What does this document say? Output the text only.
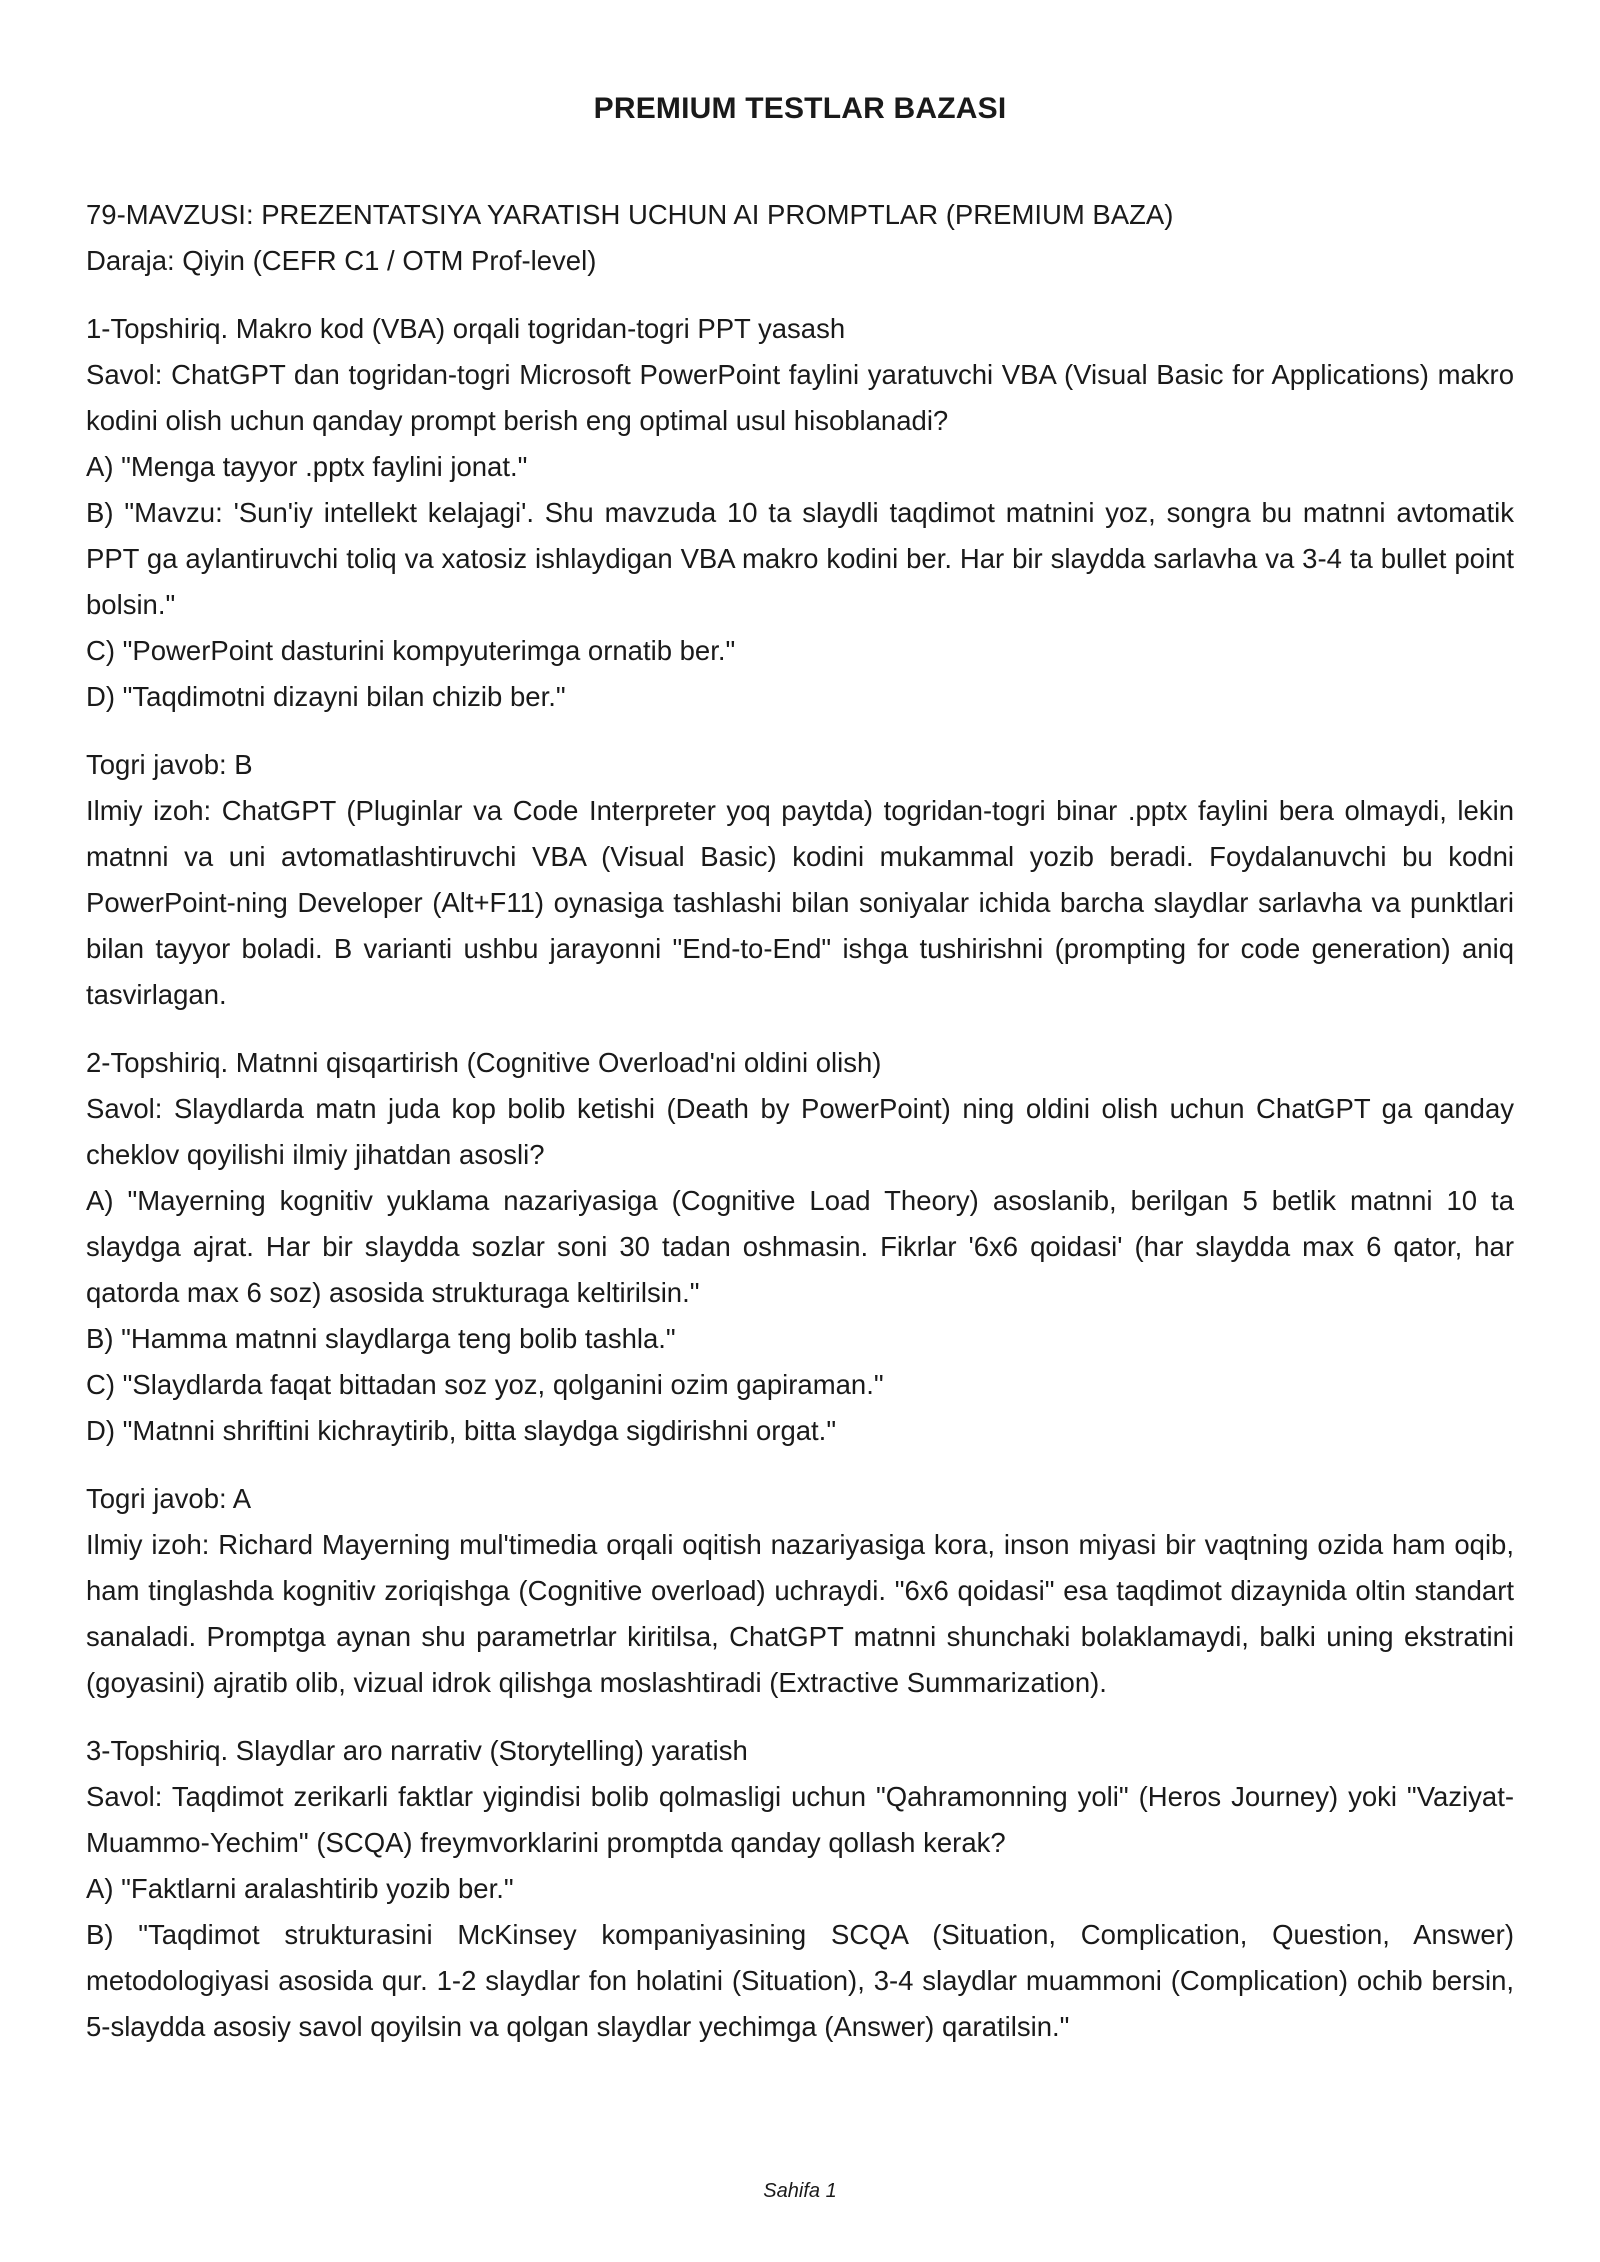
PREMIUM TESTLAR BAZASI

79-MAVZUSI: PREZENTATSIYA YARATISH UCHUN AI PROMPTLAR (PREMIUM BAZA)

Daraja: Qiyin (CEFR C1 / OTM Prof-level)

1-Topshiriq. Makro kod (VBA) orqali togridan-togri PPT yasash

Savol: ChatGPT dan togridan-togri Microsoft PowerPoint faylini yaratuvchi VBA (Visual Basic for Applications) makro kodini olish uchun qanday prompt berish eng optimal usul hisoblanadi?

A) "Menga tayyor .pptx faylini jonat."

B) "Mavzu: 'Sun'iy intellekt kelajagi'. Shu mavzuda 10 ta slaydli taqdimot matnini yoz, songra bu matnni avtomatik PPT ga aylantiruvchi toliq va xatosiz ishlaydigan VBA makro kodini ber. Har bir slaydda sarlavha va 3-4 ta bullet point bolsin."

C) "PowerPoint dasturini kompyuterimga ornatib ber."

D) "Taqdimotni dizayni bilan chizib ber."

Togri javob: B

Ilmiy izoh: ChatGPT (Pluginlar va Code Interpreter yoq paytda) togridan-togri binar .pptx faylini bera olmaydi, lekin matnni va uni avtomatlashtiruvchi VBA (Visual Basic) kodini mukammal yozib beradi. Foydalanuvchi bu kodni PowerPoint-ning Developer (Alt+F11) oynasiga tashlashi bilan soniyalar ichida barcha slaydlar sarlavha va punktlari bilan tayyor boladi. B varianti ushbu jarayonni "End-to-End" ishga tushirishni (prompting for code generation) aniq tasvirlagan.

2-Topshiriq. Matnni qisqartirish (Cognitive Overload'ni oldini olish)

Savol: Slaydlarda matn juda kop bolib ketishi (Death by PowerPoint) ning oldini olish uchun ChatGPT ga qanday cheklov qoyilishi ilmiy jihatdan asosli?

A) "Mayerning kognitiv yuklama nazariyasiga (Cognitive Load Theory) asoslanib, berilgan 5 betlik matnni 10 ta slaydga ajrat. Har bir slaydda sozlar soni 30 tadan oshmasin. Fikrlar '6x6 qoidasi' (har slaydda max 6 qator, har qatorda max 6 soz) asosida strukturaga keltirilsin."

B) "Hamma matnni slaydlarga teng bolib tashla."

C) "Slaydlarda faqat bittadan soz yoz, qolganini ozim gapiraman."

D) "Matnni shriftini kichraytirib, bitta slaydga sigdirishni orgat."

Togri javob: A

Ilmiy izoh: Richard Mayerning mul'timedia orqali oqitish nazariyasiga kora, inson miyasi bir vaqtning ozida ham oqib, ham tinglashda kognitiv zoriqishga (Cognitive overload) uchraydi. "6x6 qoidasi" esa taqdimot dizaynida oltin standart sanaladi. Promptga aynan shu parametrlar kiritilsa, ChatGPT matnni shunchaki bolaklamaydi, balki uning ekstratini (goyasini) ajratib olib, vizual idrok qilishga moslashtiradi (Extractive Summarization).

3-Topshiriq. Slaydlar aro narrativ (Storytelling) yaratish

Savol: Taqdimot zerikarli faktlar yigindisi bolib qolmasligi uchun "Qahramonning yoli" (Heros Journey) yoki "Vaziyat-Muammo-Yechim" (SCQA) freymvorklarini promptda qanday qollash kerak?

A) "Faktlarni aralashtirib yozib ber."

B) "Taqdimot strukturasini McKinsey kompaniyasining SCQA (Situation, Complication, Question, Answer) metodologiyasi asosida qur. 1-2 slaydlar fon holatini (Situation), 3-4 slaydlar muammoni (Complication) ochib bersin, 5-slaydda asosiy savol qoyilsin va qolgan slaydlar yechimga (Answer) qaratilsin."

Sahifa 1
